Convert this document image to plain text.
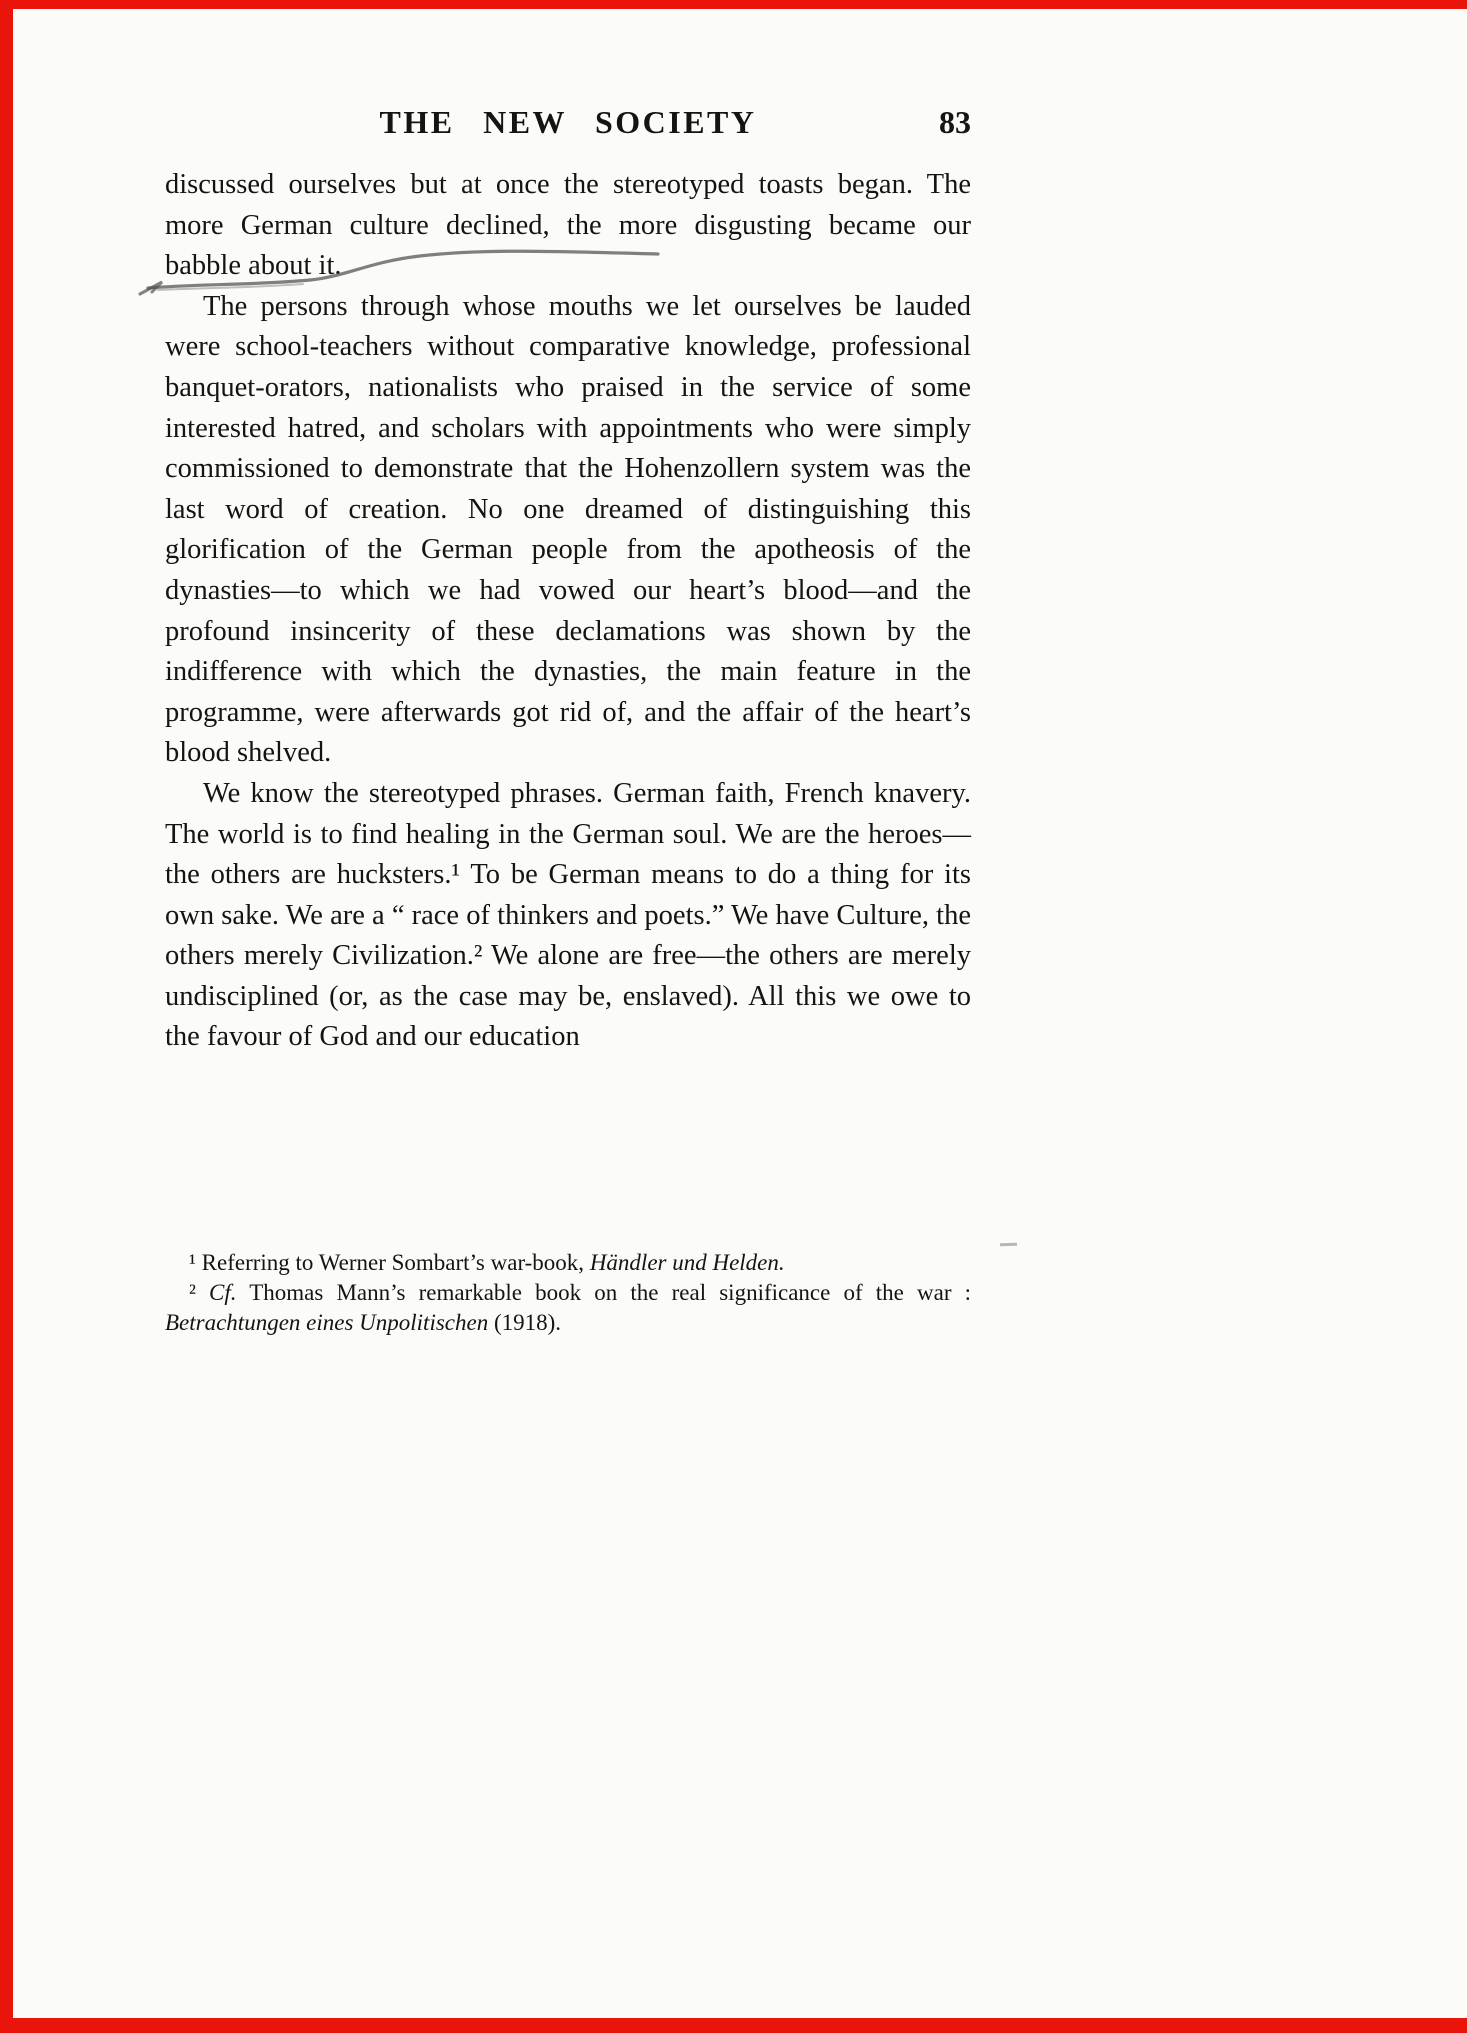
THE NEW SOCIETY	83

discussed ourselves but at once the stereotyped toasts began. The more German culture declined, the more disgusting became our babble about it.

The persons through whose mouths we let ourselves be lauded were school-teachers without comparative knowledge, professional banquet-orators, nationalists who praised in the service of some interested hatred, and scholars with appointments who were simply commissioned to demonstrate that the Hohenzollern system was the last word of creation. No one dreamed of distinguishing this glorification of the German people from the apotheosis of the dynasties—to which we had vowed our heart’s blood—and the profound insincerity of these declamations was shown by the indifference with which the dynasties, the main feature in the programme, were afterwards got rid of, and the affair of the heart’s blood shelved.

We know the stereotyped phrases. German faith, French knavery. The world is to find healing in the German soul. We are the heroes—the others are hucksters.¹ To be German means to do a thing for its own sake. We are a “ race of thinkers and poets.” We have Culture, the others merely Civilization.² We alone are free—the others are merely undisciplined (or, as the case may be, enslaved). All this we owe to the favour of God and our education

¹ Referring to Werner Sombart’s war-book, Händler und Helden.

² Cf. Thomas Mann’s remarkable book on the real significance of the war : Betrachtungen eines Unpolitischen (1918).
